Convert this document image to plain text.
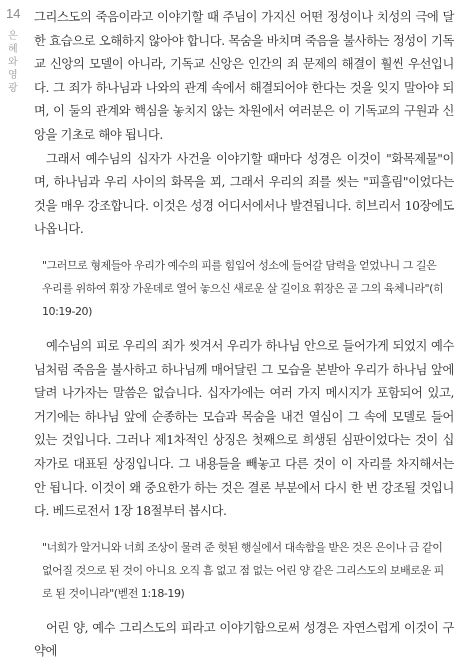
14
은혜와 영광

그리스도의 죽음이라고 이야기할 때 주님이 가지신 어떤 정성이나 치성의 극에 달한 효습으로 오해하지 않아야 합니다. 목숨을 바치며 죽음을 불사하는 정성이 기독교 신앙의 모델이 아니라, 기독교 신앙은 인간의 죄 문제의 해결이 훨씬 우선입니다. 그 죄가 하나님과 나와의 관계 속에서 해결되어야 한다는 것을 잊지 말아야 되며, 이 둘의 관계와 핵심을 놓치지 않는 차원에서 여러분은 이 기독교의 구원과 신앙을 기초로 해야 됩니다.

그래서 예수님의 십자가 사건을 이야기할 때마다 성경은 이것이 "화목제물"이며, 하나님과 우리 사이의 화목을 꾀, 그래서 우리의 죄를 씻는 "피흘림"이었다는 것을 매우 강조합니다. 이것은 성경 어디서에서나 발견됩니다. 히브리서 10장에도 나옵니다.

"그러므로 형제들아 우리가 예수의 피를 힘입어 성소에 들어갈 담력을 얻었나니 그 길은 우리를 위하여 휘장 가운데로 열어 놓으신 새로운 살 길이요 휘장은 곧 그의 육체니라"(히 10:19-20)

예수님의 피로 우리의 죄가 씻겨서 우리가 하나님 안으로 들어가게 되었지 예수님처럼 죽음을 불사하고 하나님께 매어달린 그 모습을 본받아 우리가 하나님 앞에 달려 나가자는 말씀은 없습니다. 십자가에는 여러 가지 메시지가 포함되어 있고, 거기에는 하나님 앞에 순종하는 모습과 목숨을 내건 열심이 그 속에 모델로 들어 있는 것입니다. 그러나 제1차적인 상징은 첫째으로 희생된 심판이었다는 것이 십자가로 대표된 상징입니다. 그 내용들을 빼놓고 다른 것이 이 자리를 차지해서는 안 됩니다. 이것이 왜 중요한가 하는 것은 결론 부분에서 다시 한 번 강조될 것입니다. 베드로전서 1장 18절부터 봅시다.

"너희가 알거니와 너희 조상이 물려 준 헛된 행실에서 대속함을 받은 것은 은이나 금 같이 없어질 것으로 된 것이 아니요 오직 흠 없고 점 없는 어린 양 같은 그리스도의 보배로운 피로 된 것이니라"(벧전 1:18-19)

어린 양, 예수 그리스도의 피라고 이야기함으로써 성경은 자연스럽게 이것이 구약에
